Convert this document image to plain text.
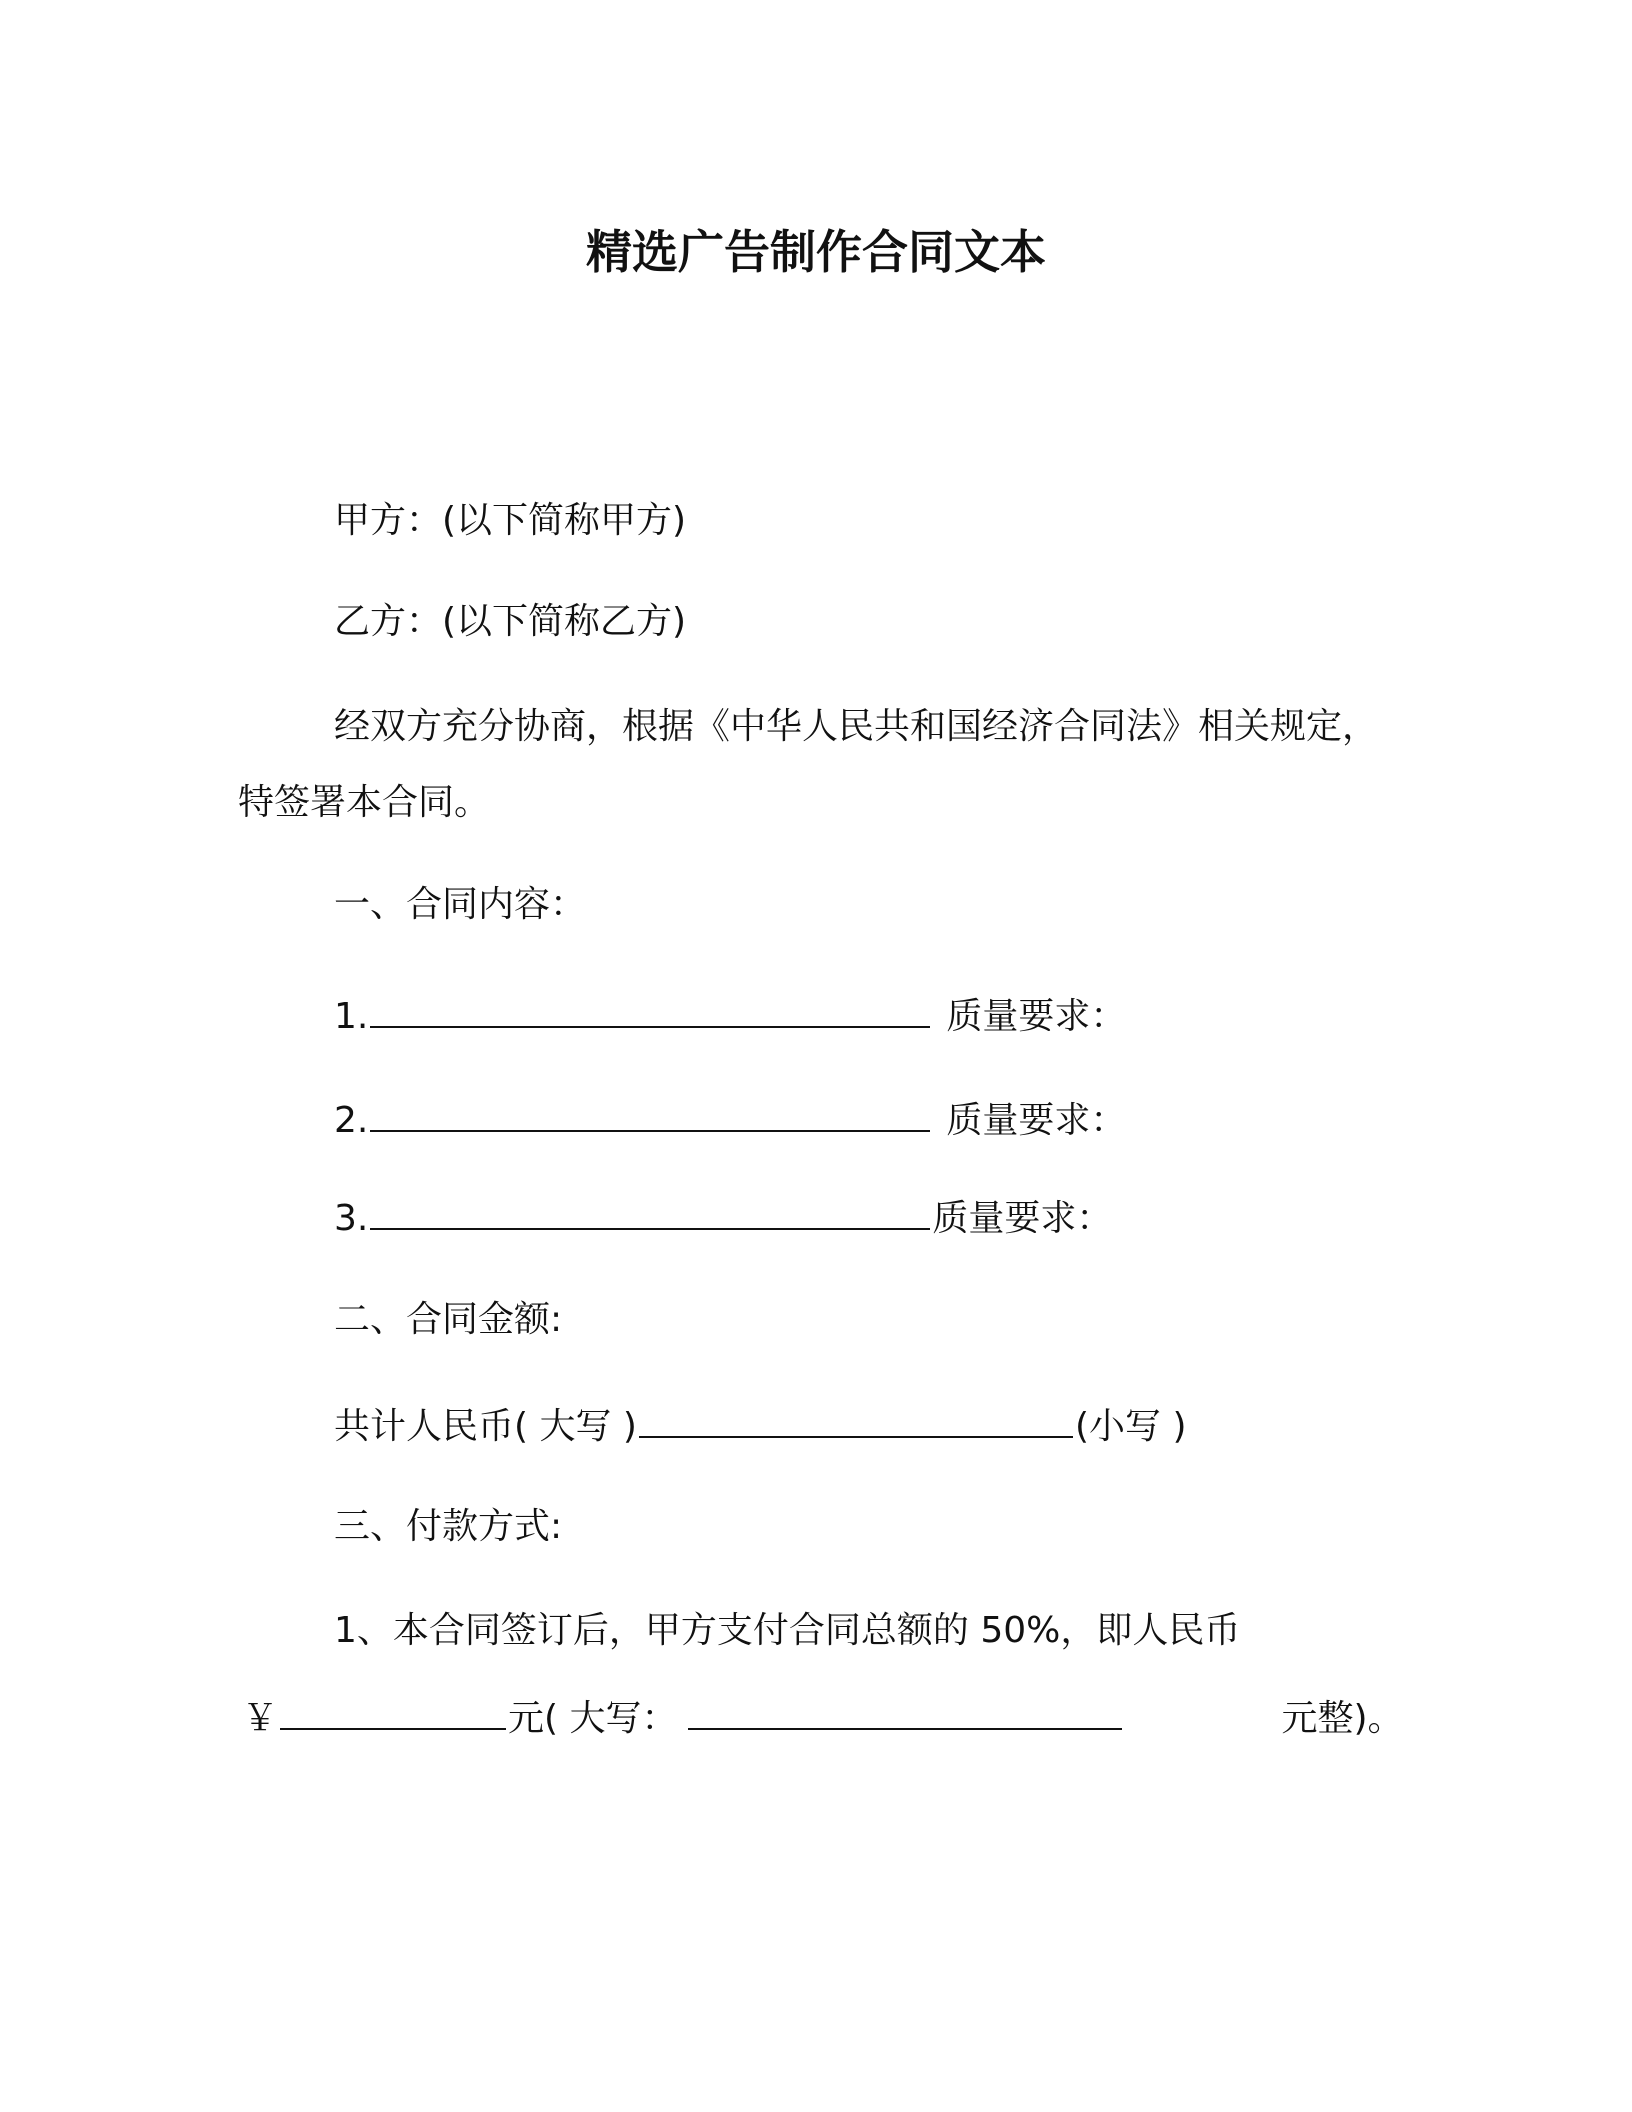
精选广告制作合同文本
甲方：(以下简称甲方)
乙方：(以下简称乙方)
经双方充分协商，根据《中华人民共和国经济合同法》相关规定，
特签署本合同。
一、合同内容：
1.	质量要求：
2.	质量要求：
3.	质量要求：
二、合同金额:
共计人民币( 大写 )	(小写 )
三、付款方式:
1、本合同签订后，甲方支付合同总额的 50%，即人民币
￥	元( 大写：	元整)。
